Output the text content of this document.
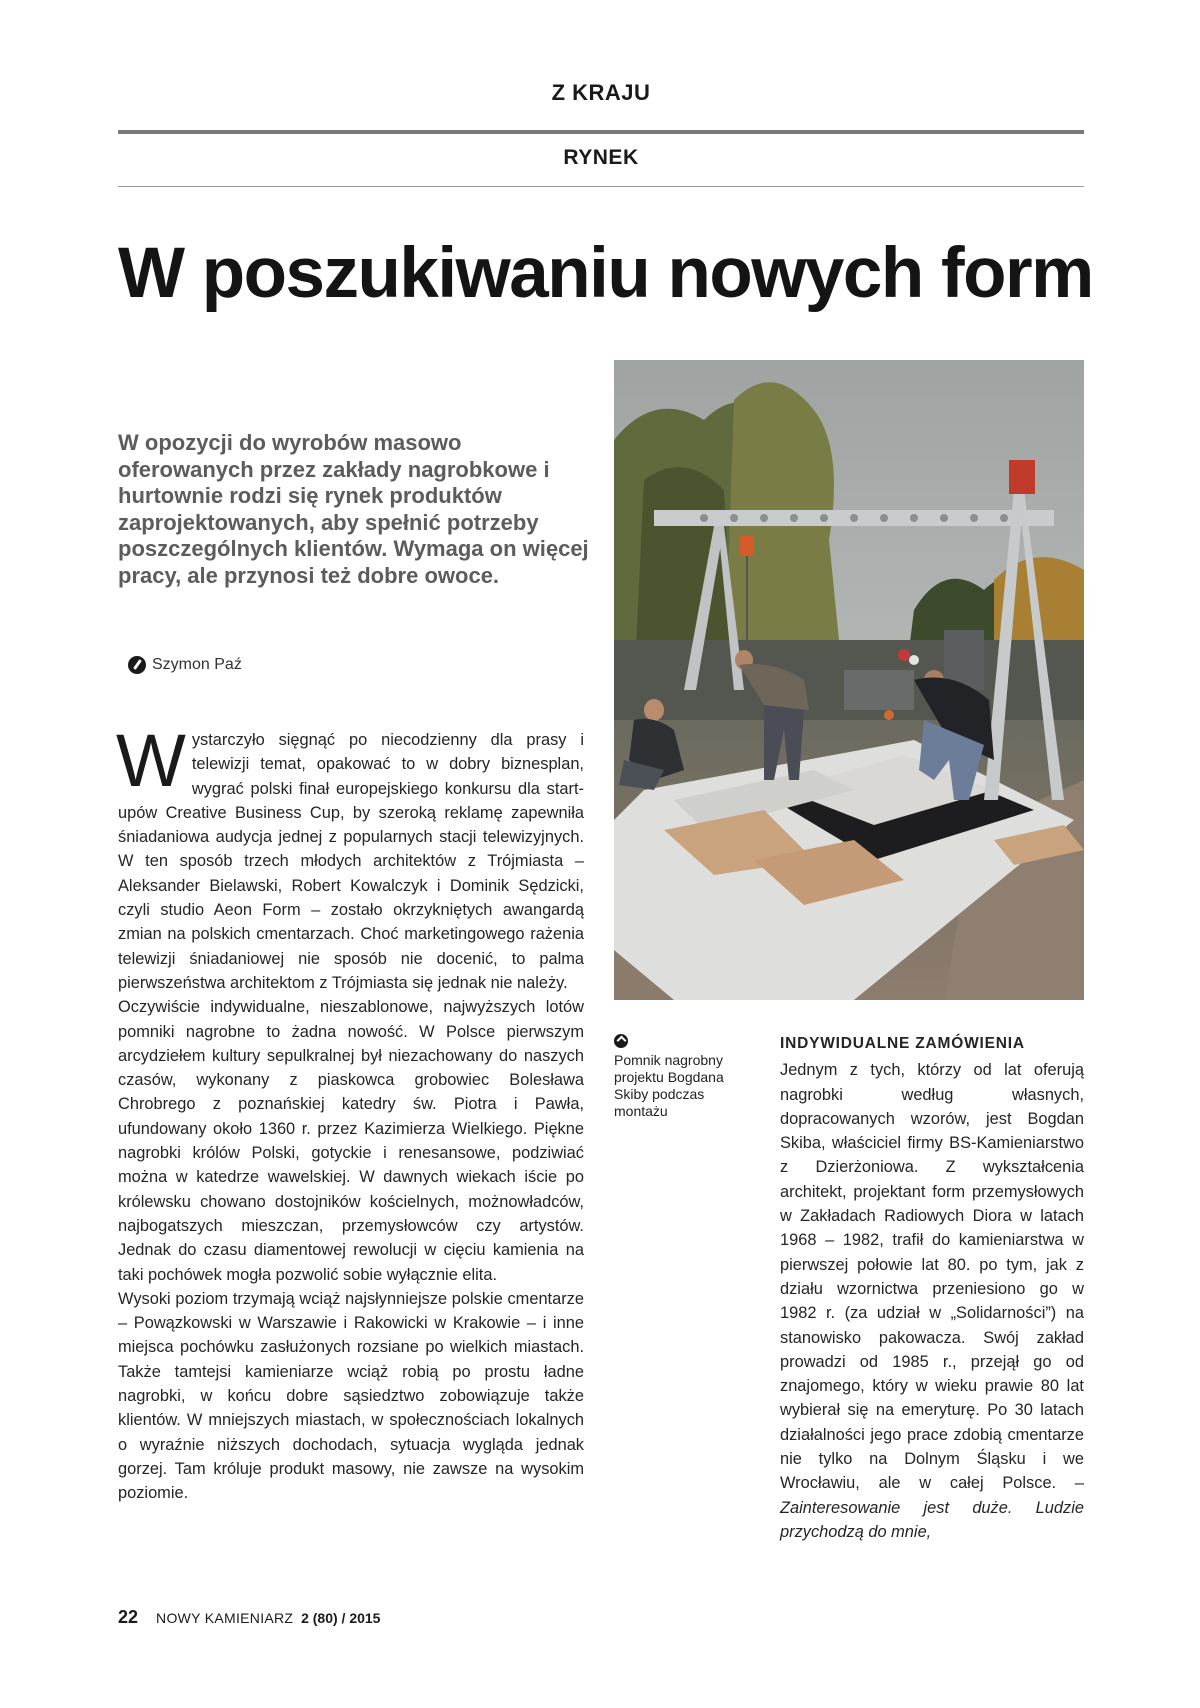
Z KRAJU
RYNEK
W poszukiwaniu nowych form
W opozycji do wyrobów masowo oferowanych przez zakłady nagrobkowe i hurtownie rodzi się rynek produktów zaprojektowanych, aby spełnić potrzeby poszczególnych klientów. Wymaga on więcej pracy, ale przynosi też dobre owoce.
Szymon Paź

Wystarczyło sięgnąć po niecodzienny dla prasy i telewizji temat, opakować to w dobry biznesplan, wygrać polski finał europejskiego konkursu dla start-upów Creative Business Cup, by szeroką reklamę zapewniła śniadaniowa audycja jednej z popularnych stacji telewizyjnych. W ten sposób trzech młodych architektów z Trójmiasta – Aleksander Bielawski, Robert Kowalczyk i Dominik Sędzicki, czyli studio Aeon Form – zostało okrzykniętych awangardą zmian na polskich cmentarzach. Choć marketingowego rażenia telewizji śniadaniowej nie sposób nie docenić, to palma pierwszeństwa architektom z Trójmiasta się jednak nie należy.

Oczywiście indywidualne, nieszablonowe, najwyższych lotów pomniki nagrobne to żadna nowość. W Polsce pierwszym arcydziełem kultury sepulkralnej był niezachowany do naszych czasów, wykonany z piaskowca grobowiec Bolesława Chrobrego z poznańskiej katedry św. Piotra i Pawła, ufundowany około 1360 r. przez Kazimierza Wielkiego. Piękne nagrobki królów Polski, gotyckie i renesansowe, podziwiać można w katedrze wawelskiej. W dawnych wiekach iście po królewsku chowano dostojników kościelnych, możnowładców, najbogatszych mieszczan, przemysłowców czy artystów. Jednak do czasu diamentowej rewolucji w cięciu kamienia na taki pochówek mogła pozwolić sobie wyłącznie elita.

Wysoki poziom trzymają wciąż najsłynniejsze polskie cmentarze – Powązkowski w Warszawie i Rakowicki w Krakowie – i inne miejsca pochówku zasłużonych rozsiane po wielkich miastach. Także tamtejsi kamieniarze wciąż robią po prostu ładne nagrobki, w końcu dobre sąsiedztwo zobowiązuje także klientów. W mniejszych miastach, w społecznościach lokalnych o wyraźnie niższych dochodach, sytuacja wygląda jednak gorzej. Tam króluje produkt masowy, nie zawsze na wysokim poziomie.

Pomnik nagrobny projektu Bogdana Skiby podczas montażu
INDYWIDUALNE ZAMÓWIENIA

Jednym z tych, którzy od lat oferują nagrobki według własnych, dopracowanych wzorów, jest Bogdan Skiba, właściciel firmy BS-Kamieniarstwo z Dzierżoniowa. Z wykształcenia architekt, projektant form przemysłowych w Zakładach Radiowych Diora w latach 1968 – 1982, trafił do kamieniarstwa w pierwszej połowie lat 80. po tym, jak z działu wzornictwa przeniesiono go w 1982 r. (za udział w „Solidarności”) na stanowisko pakowacza. Swój zakład prowadzi od 1985 r., przejął go od znajomego, który w wieku prawie 80 lat wybierał się na emeryturę. Po 30 latach działalności jego prace zdobią cmentarze nie tylko na Dolnym Śląsku i we Wrocławiu, ale w całej Polsce. – Zainteresowanie jest duże. Ludzie przychodzą do mnie,

22 NOWY KAMIENIARZ 2 (80) / 2015
